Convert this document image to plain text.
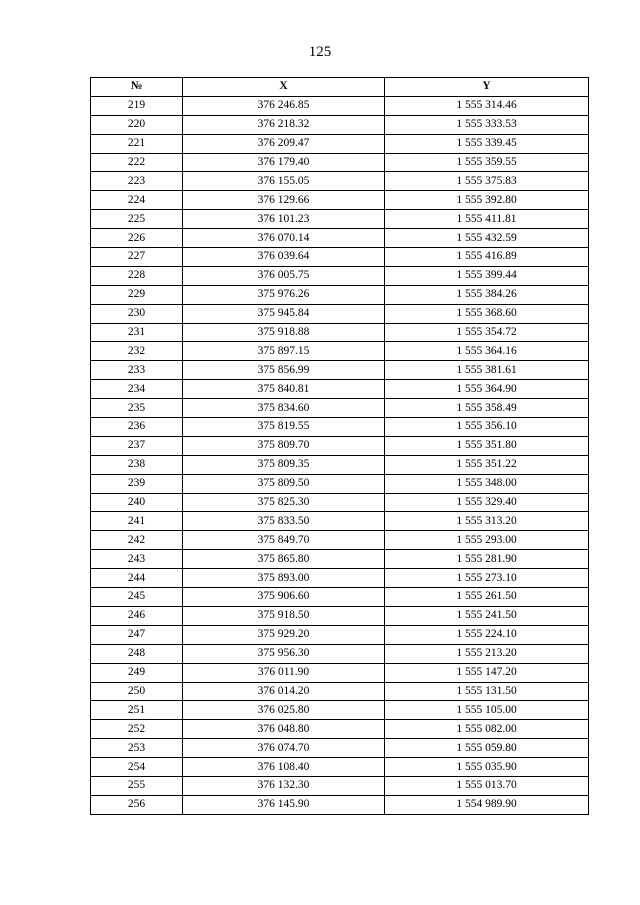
125
№	X	Y
219	376 246.85	1 555 314.46
220	376 218.32	1 555 333.53
221	376 209.47	1 555 339.45
222	376 179.40	1 555 359.55
223	376 155.05	1 555 375.83
224	376 129.66	1 555 392.80
225	376 101.23	1 555 411.81
226	376 070.14	1 555 432.59
227	376 039.64	1 555 416.89
228	376 005.75	1 555 399.44
229	375 976.26	1 555 384.26
230	375 945.84	1 555 368.60
231	375 918.88	1 555 354.72
232	375 897.15	1 555 364.16
233	375 856.99	1 555 381.61
234	375 840.81	1 555 364.90
235	375 834.60	1 555 358.49
236	375 819.55	1 555 356.10
237	375 809.70	1 555 351.80
238	375 809.35	1 555 351.22
239	375 809.50	1 555 348.00
240	375 825.30	1 555 329.40
241	375 833.50	1 555 313.20
242	375 849.70	1 555 293.00
243	375 865.80	1 555 281.90
244	375 893.00	1 555 273.10
245	375 906.60	1 555 261.50
246	375 918.50	1 555 241.50
247	375 929.20	1 555 224.10
248	375 956.30	1 555 213.20
249	376 011.90	1 555 147.20
250	376 014.20	1 555 131.50
251	376 025.80	1 555 105.00
252	376 048.80	1 555 082.00
253	376 074.70	1 555 059.80
254	376 108.40	1 555 035.90
255	376 132.30	1 555 013.70
256	376 145.90	1 554 989.90
